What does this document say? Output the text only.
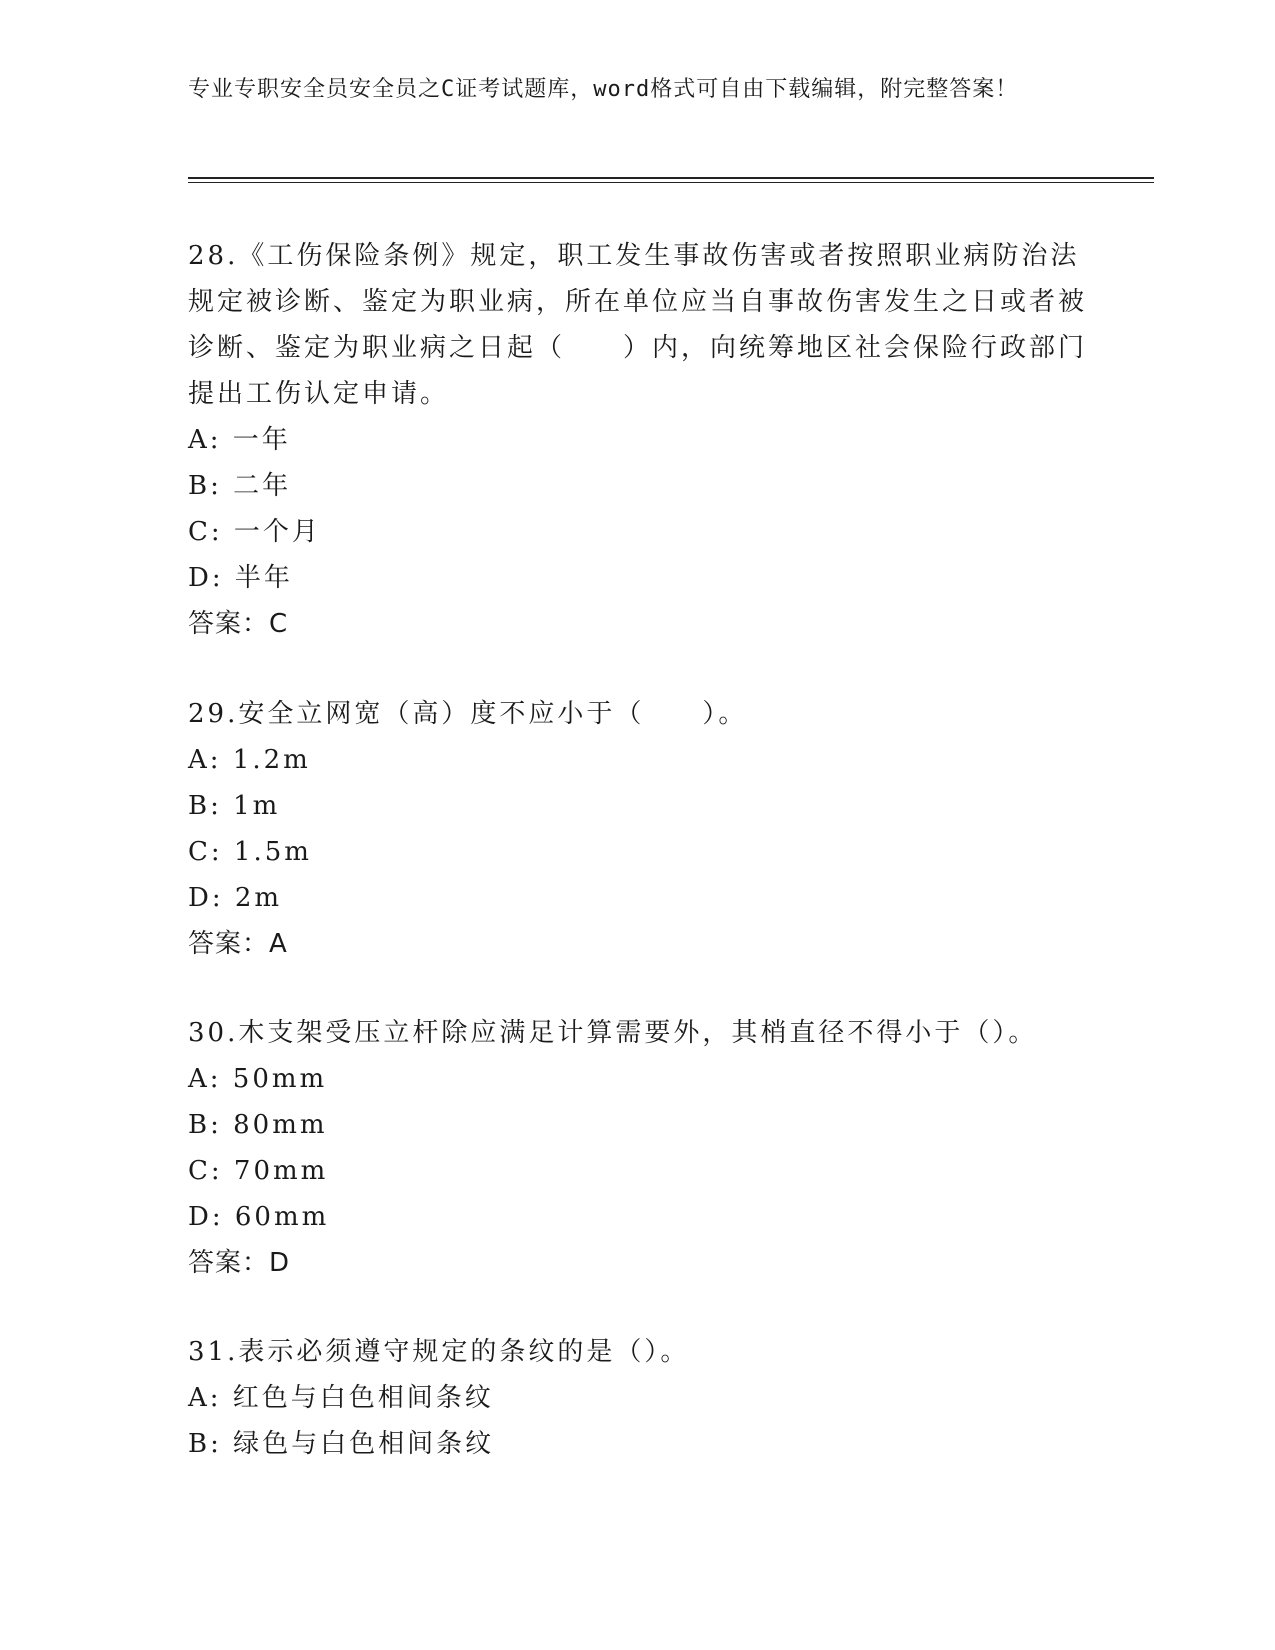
专业专职安全员安全员之C证考试题库，word格式可自由下载编辑，附完整答案！

28.《工伤保险条例》规定，职工发生事故伤害或者按照职业病防治法规定被诊断、鉴定为职业病，所在单位应当自事故伤害发生之日或者被诊断、鉴定为职业病之日起（　　）内，向统筹地区社会保险行政部门提出工伤认定申请。

A: 一年

B: 二年

C: 一个月

D: 半年

答案：C

29.安全立网宽（高）度不应小于（　　）。

A: 1.2m

B: 1m

C: 1.5m

D: 2m

答案：A

30.木支架受压立杆除应满足计算需要外，其梢直径不得小于（）。

A: 50mm

B: 80mm

C: 70mm

D: 60mm

答案：D

31.表示必须遵守规定的条纹的是（）。

A: 红色与白色相间条纹

B: 绿色与白色相间条纹
